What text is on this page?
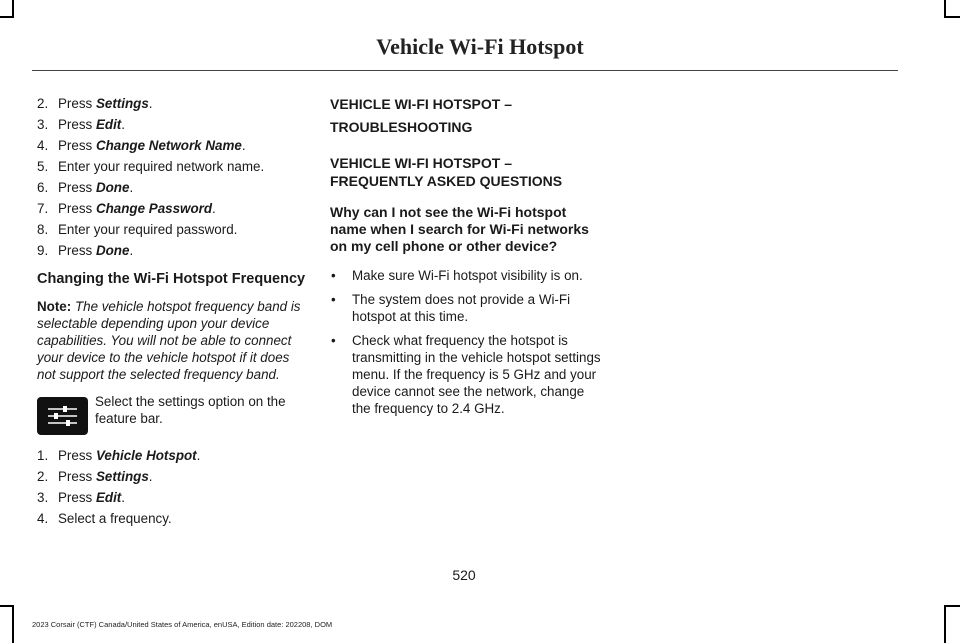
Vehicle Wi-Fi Hotspot
2. Press Settings.
3. Press Edit.
4. Press Change Network Name.
5. Enter your required network name.
6. Press Done.
7. Press Change Password.
8. Enter your required password.
9. Press Done.
Changing the Wi-Fi Hotspot Frequency
Note: The vehicle hotspot frequency band is selectable depending upon your device capabilities. You will not be able to connect your device to the vehicle hotspot if it does not support the selected frequency band.
Select the settings option on the feature bar.
1. Press Vehicle Hotspot.
2. Press Settings.
3. Press Edit.
4. Select a frequency.
VEHICLE WI-FI HOTSPOT –
TROUBLESHOOTING
VEHICLE WI-FI HOTSPOT – FREQUENTLY ASKED QUESTIONS
Why can I not see the Wi-Fi hotspot name when I search for Wi-Fi networks on my cell phone or other device?
• Make sure Wi-Fi hotspot visibility is on.
• The system does not provide a Wi-Fi hotspot at this time.
• Check what frequency the hotspot is transmitting in the vehicle hotspot settings menu. If the frequency is 5 GHz and your device cannot see the network, change the frequency to 2.4 GHz.
520
2023 Corsair (CTF) Canada/United States of America, enUSA, Edition date: 202208, DOM
